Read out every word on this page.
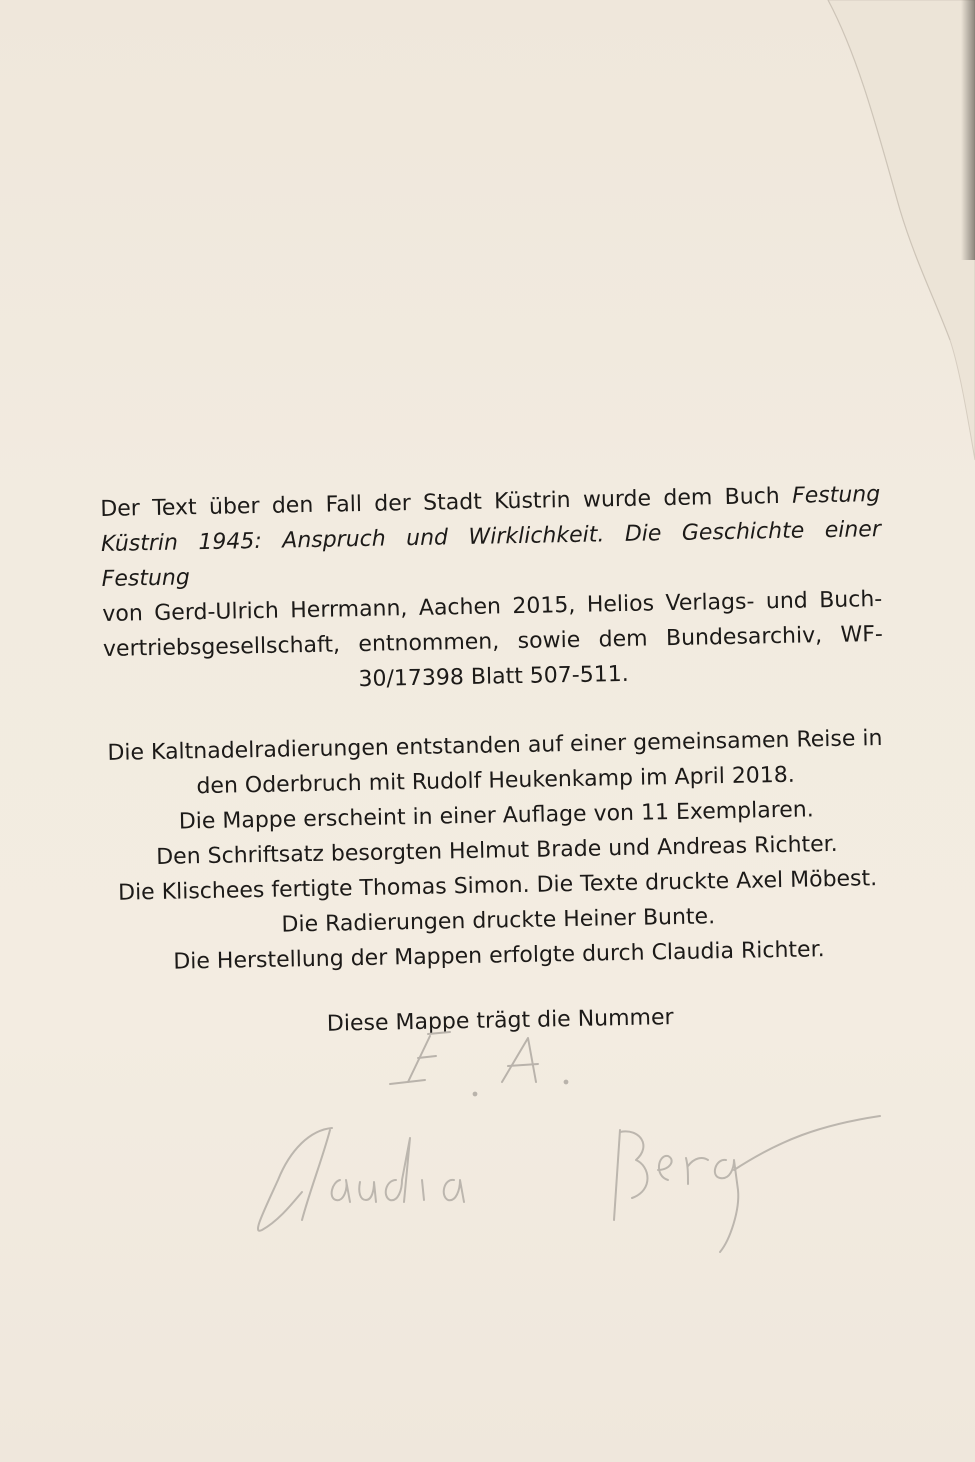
Der Text über den Fall der Stadt Küstrin wurde dem Buch Festung
Küstrin 1945: Anspruch und Wirklichkeit. Die Geschichte einer Festung
von Gerd-Ulrich Herrmann, Aachen 2015, Helios Verlags- und Buch-
vertriebsgesellschaft, entnommen, sowie dem Bundesarchiv, WF-
30/17398 Blatt 507-511.

Die Kaltnadelradierungen entstanden auf einer gemeinsamen Reise in
den Oderbruch mit Rudolf Heukenkamp im April 2018.
Die Mappe erscheint in einer Auflage von 11 Exemplaren.
Den Schriftsatz besorgten Helmut Brade und Andreas Richter.
Die Klischees fertigte Thomas Simon. Die Texte druckte Axel Möbest.
Die Radierungen druckte Heiner Bunte.
Die Herstellung der Mappen erfolgte durch Claudia Richter.
Diese Mappe trägt die Nummer
